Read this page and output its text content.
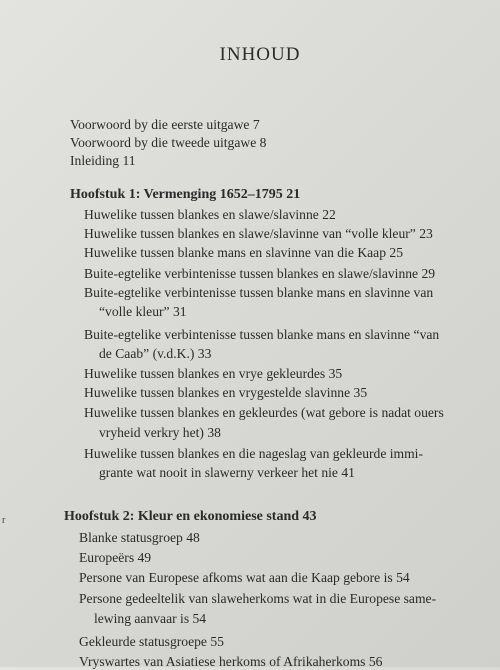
INHOUD
Voorwoord by die eerste uitgawe 7
Voorwoord by die tweede uitgawe 8
Inleiding 11
Hoofstuk 1: Vermenging 1652–1795 21
Huwelike tussen blankes en slawe/slavinne 22
Huwelike tussen blankes en slawe/slavinne van “volle kleur” 23
Huwelike tussen blanke mans en slavinne van die Kaap 25
Buite-egtelike verbintenisse tussen blankes en slawe/slavinne 29
Buite-egtelike verbintenisse tussen blanke mans en slavinne van
“volle kleur” 31
Buite-egtelike verbintenisse tussen blanke mans en slavinne “van
de Caab” (v.d.K.) 33
Huwelike tussen blankes en vrye gekleurdes 35
Huwelike tussen blankes en vrygestelde slavinne 35
Huwelike tussen blankes en gekleurdes (wat gebore is nadat ouers
vryheid verkry het) 38
Huwelike tussen blankes en die nageslag van gekleurde immi-
grante wat nooit in slawerny verkeer het nie 41
Hoofstuk 2: Kleur en ekonomiese stand 43
Blanke statusgroep 48
Europeërs 49
Persone van Europese afkoms wat aan die Kaap gebore is 54
Persone gedeeltelik van slaweherkoms wat in die Europese same-
lewing aanvaar is 54
Gekleurde statusgroepe 55
Vryswartes van Asiatiese herkoms of Afrikaherkoms 56
r
